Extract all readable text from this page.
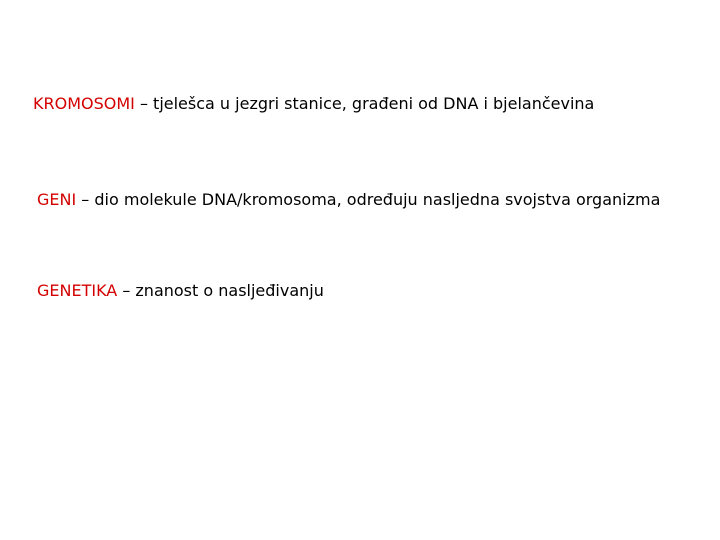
KROMOSOMI – tjelešca u jezgri stanice, građeni od DNA i bjelančevina
GENI – dio molekule DNA/kromosoma, određuju nasljedna svojstva organizma
GENETIKA – znanost o nasljeđivanju
